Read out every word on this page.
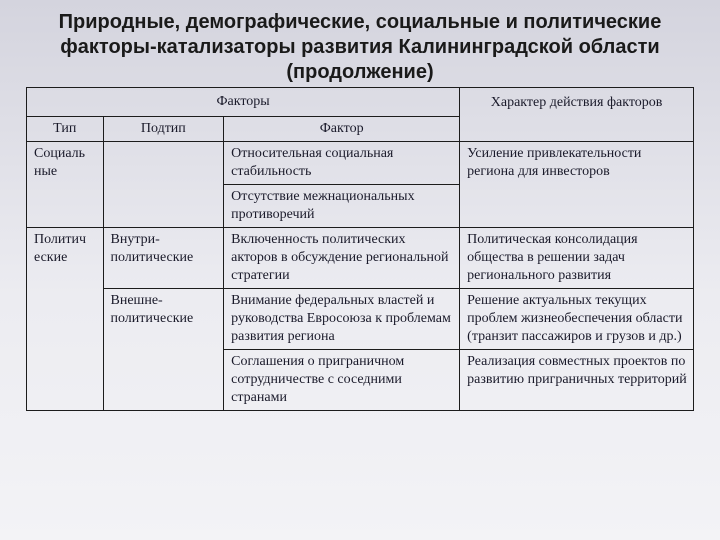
Природные, демографические, социальные и политические
факторы-катализаторы развития Калининградской области
(продолжение)
Факторы			Характер действия факторов
Тип	Подтип	Фактор	
Социаль ные		Относительная социальная стабильность	Усиление привлекательности региона для инвесторов
		Отсутствие межнациональных противоречий	
Политич еские	Внутри-политические	Включенность политических акторов в обсуждение региональной стратегии	Политическая консолидация общества в решении задач регионального развития
	Внешне-политические	Внимание федеральных властей и руководства Евросоюза к проблемам развития региона	Решение актуальных текущих проблем жизнеобеспечения области (транзит пассажиров и грузов и др.)
		Соглашения о приграничном сотрудничестве с соседними странами	Реализация совместных проектов по развитию приграничных территорий
